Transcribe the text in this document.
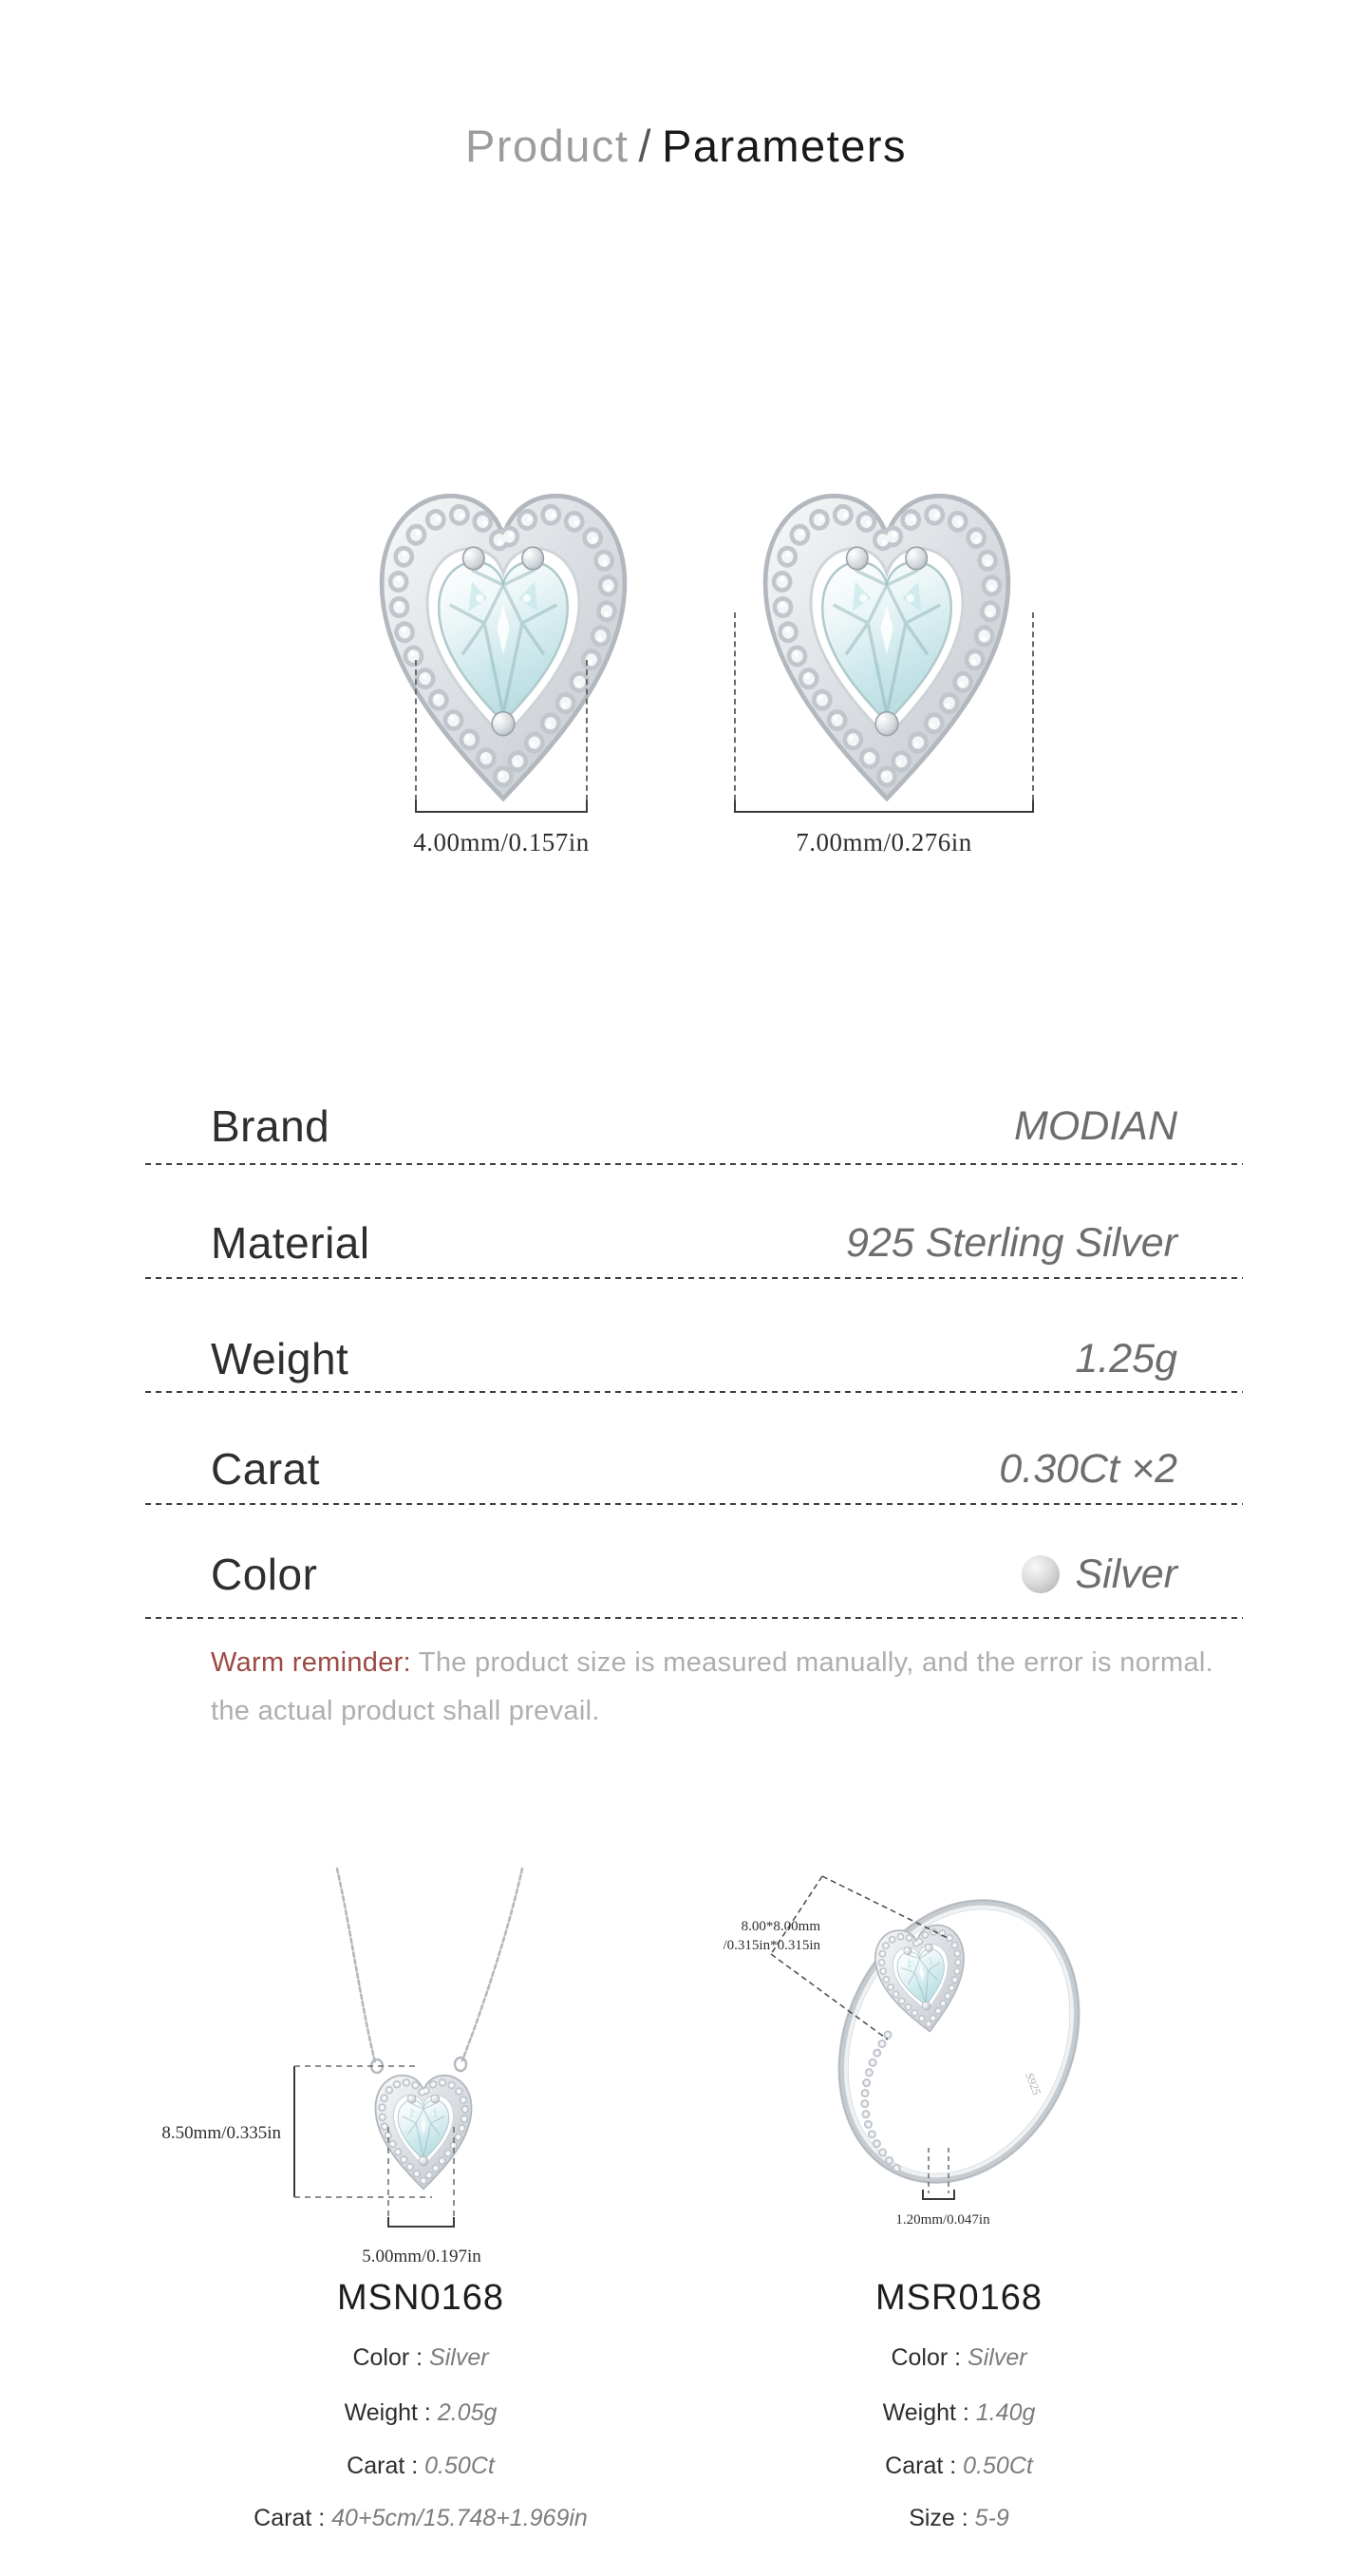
Product / Parameters
4.00mm/0.157in	7.00mm/0.276in
Brand	MODIAN
Material	925 Sterling Silver
Weight	1.25g
Carat	0.30Ct ×2
Color	Silver
Warm reminder: The product size is measured manually, and the error is normal.
the actual product shall prevail.
8.50mm/0.335in
5.00mm/0.197in
S925
8.00*8.00mm
/0.315in*0.315in
1.20mm/0.047in
MSN0168	MSR0168
Color : Silver
Weight : 2.05g
Carat : 0.50Ct
Carat : 40+5cm/15.748+1.969in
Color : Silver
Weight : 1.40g
Carat : 0.50Ct
Size : 5-9
